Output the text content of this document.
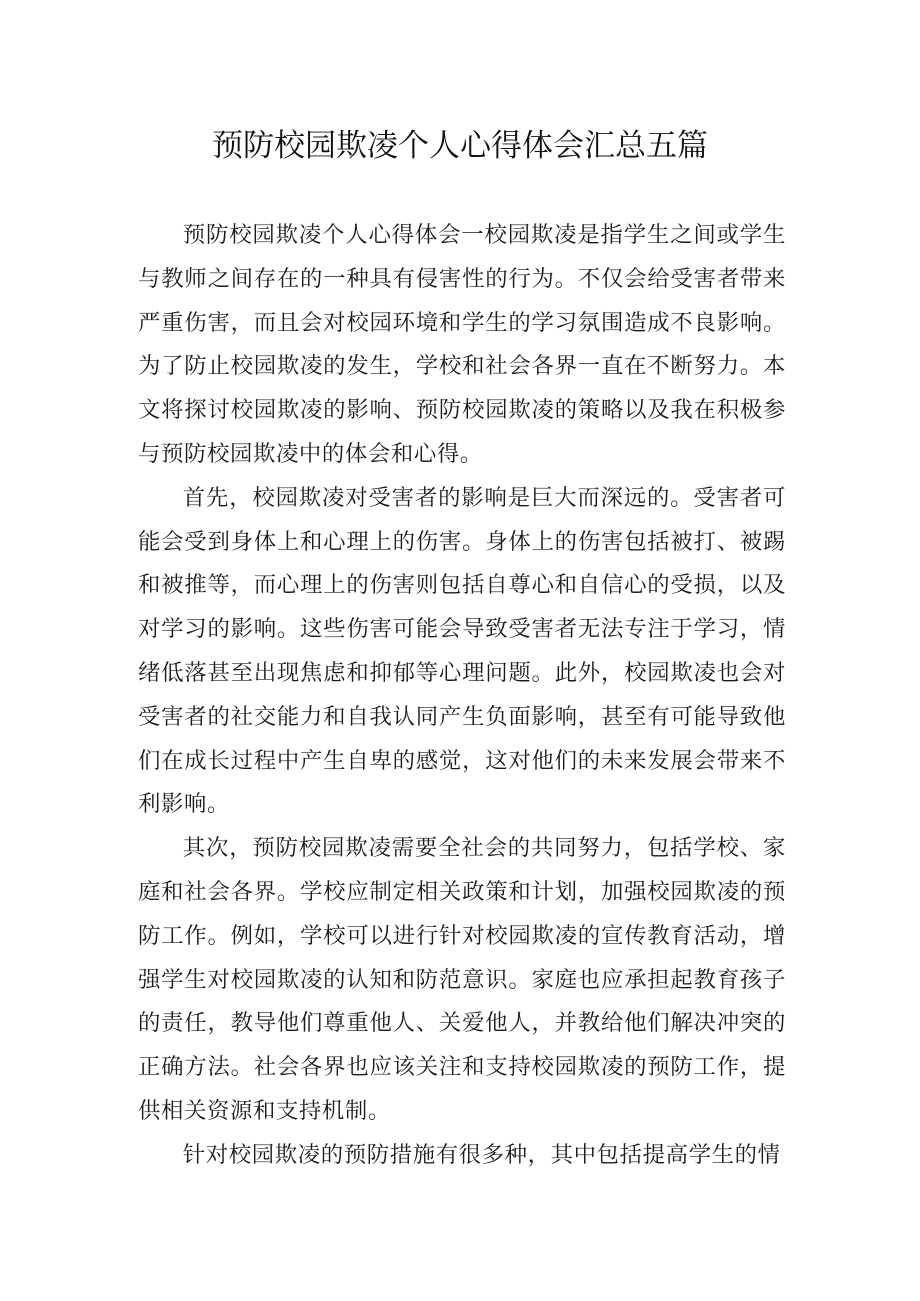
预防校园欺凌个人心得体会汇总五篇

预防校园欺凌个人心得体会一校园欺凌是指学生之间或学生与教师之间存在的一种具有侵害性的行为。不仅会给受害者带来严重伤害，而且会对校园环境和学生的学习氛围造成不良影响。为了防止校园欺凌的发生，学校和社会各界一直在不断努力。本文将探讨校园欺凌的影响、预防校园欺凌的策略以及我在积极参与预防校园欺凌中的体会和心得。

首先，校园欺凌对受害者的影响是巨大而深远的。受害者可能会受到身体上和心理上的伤害。身体上的伤害包括被打、被踢和被推等，而心理上的伤害则包括自尊心和自信心的受损，以及对学习的影响。这些伤害可能会导致受害者无法专注于学习，情绪低落甚至出现焦虑和抑郁等心理问题。此外，校园欺凌也会对受害者的社交能力和自我认同产生负面影响，甚至有可能导致他们在成长过程中产生自卑的感觉，这对他们的未来发展会带来不利影响。

其次，预防校园欺凌需要全社会的共同努力，包括学校、家庭和社会各界。学校应制定相关政策和计划，加强校园欺凌的预防工作。例如，学校可以进行针对校园欺凌的宣传教育活动，增强学生对校园欺凌的认知和防范意识。家庭也应承担起教育孩子的责任，教导他们尊重他人、关爱他人，并教给他们解决冲突的正确方法。社会各界也应该关注和支持校园欺凌的预防工作，提供相关资源和支持机制。

针对校园欺凌的预防措施有很多种，其中包括提高学生的情
